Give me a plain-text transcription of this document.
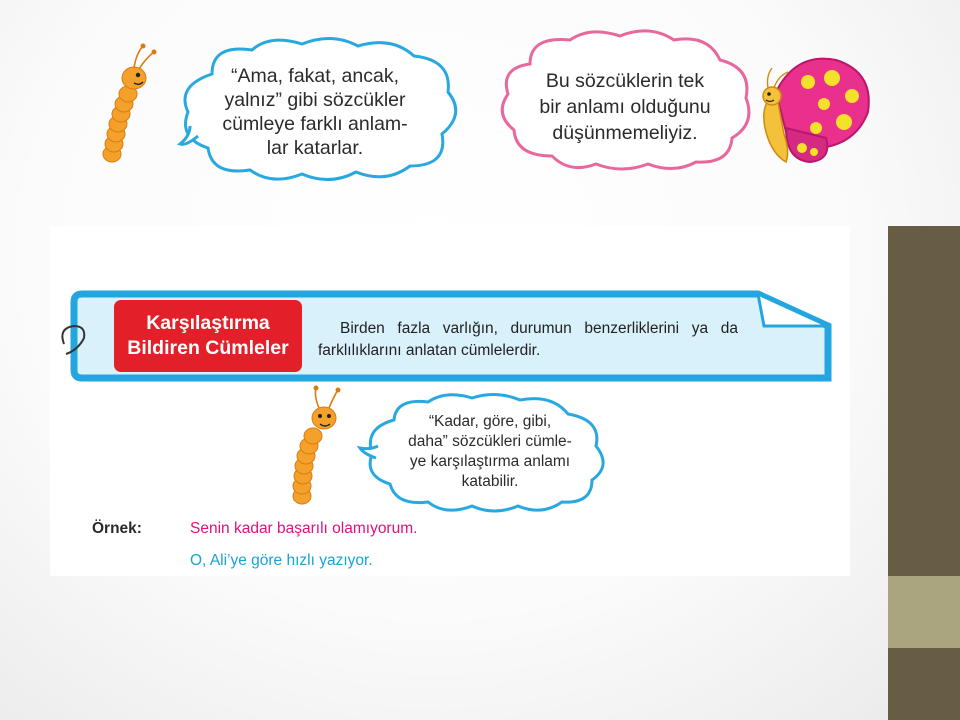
“Ama, fakat, ancak,
yalnız” gibi sözcükler
cümleye farklı anlam-
lar katarlar.
Bu sözcüklerin tek
bir anlamı olduğunu
düşünmemeliyiz.
Karşılaştırma
Bildiren Cümleler
Birden fazla varlığın, durumun benzerliklerini ya da farklılıklarını anlatan cümlelerdir.
“Kadar, göre, gibi,
daha” sözcükleri cümle-
ye karşılaştırma anlamı
katabilir.
Örnek:	Senin kadar başarılı olamıyorum.
O, Ali’ye göre hızlı yazıyor.
